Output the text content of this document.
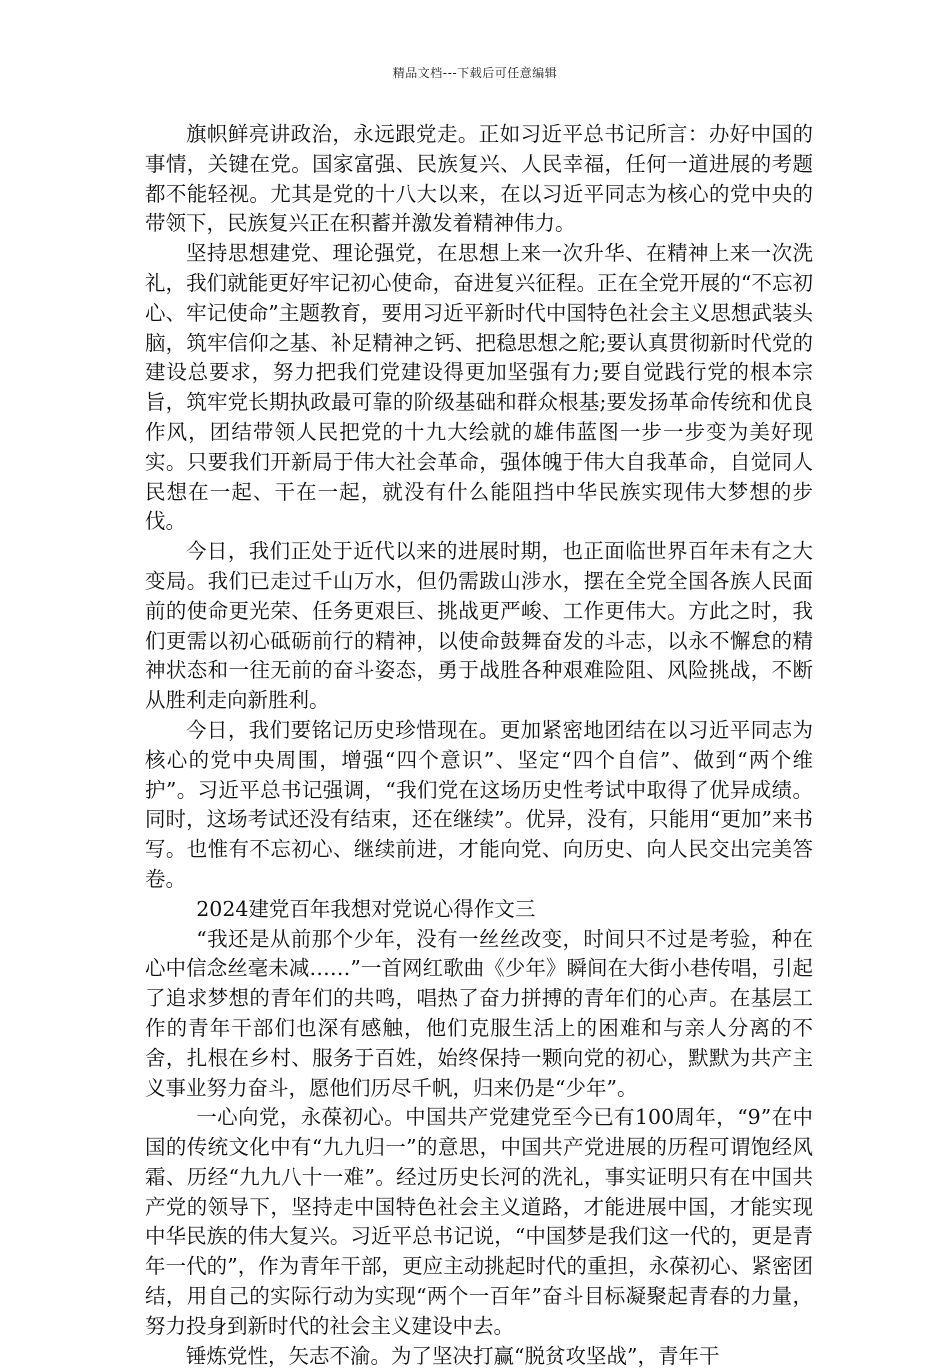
精品文档---下载后可任意编辑

旗帜鲜亮讲政治，永远跟党走。正如习近平总书记所言：办好中国的事情，关键在党。国家富强、民族复兴、人民幸福，任何一道进展的考题都不能轻视。尤其是党的十八大以来，在以习近平同志为核心的党中央的带领下，民族复兴正在积蓄并激发着精神伟力。

坚持思想建党、理论强党，在思想上来一次升华、在精神上来一次洗礼，我们就能更好牢记初心使命，奋进复兴征程。正在全党开展的“不忘初心、牢记使命”主题教育，要用习近平新时代中国特色社会主义思想武装头脑，筑牢信仰之基、补足精神之钙、把稳思想之舵;要认真贯彻新时代党的建设总要求，努力把我们党建设得更加坚强有力;要自觉践行党的根本宗旨，筑牢党长期执政最可靠的阶级基础和群众根基;要发扬革命传统和优良作风，团结带领人民把党的十九大绘就的雄伟蓝图一步一步变为美好现实。只要我们开新局于伟大社会革命，强体魄于伟大自我革命，自觉同人民想在一起、干在一起，就没有什么能阻挡中华民族实现伟大梦想的步伐。

今日，我们正处于近代以来的进展时期，也正面临世界百年未有之大变局。我们已走过千山万水，但仍需跋山涉水，摆在全党全国各族人民面前的使命更光荣、任务更艰巨、挑战更严峻、工作更伟大。方此之时，我们更需以初心砥砺前行的精神，以使命鼓舞奋发的斗志，以永不懈怠的精神状态和一往无前的奋斗姿态，勇于战胜各种艰难险阻、风险挑战，不断从胜利走向新胜利。

今日，我们要铭记历史珍惜现在。更加紧密地团结在以习近平同志为核心的党中央周围，增强“四个意识”、坚定“四个自信”、做到“两个维护”。习近平总书记强调，“我们党在这场历史性考试中取得了优异成绩。同时，这场考试还没有结束，还在继续”。优异，没有，只能用“更加”来书写。也惟有不忘初心、继续前进，才能向党、向历史、向人民交出完美答卷。

2024建党百年我想对党说心得作文三

“我还是从前那个少年，没有一丝丝改变，时间只不过是考验，种在心中信念丝毫未减……”一首网红歌曲《少年》瞬间在大街小巷传唱，引起了追求梦想的青年们的共鸣，唱热了奋力拼搏的青年们的心声。在基层工作的青年干部们也深有感触，他们克服生活上的困难和与亲人分离的不舍，扎根在乡村、服务于百姓，始终保持一颗向党的初心，默默为共产主义事业努力奋斗，愿他们历尽千帆，归来仍是“少年”。

一心向党，永葆初心。中国共产党建党至今已有100周年，“9”在中国的传统文化中有“九九归一”的意思，中国共产党进展的历程可谓饱经风霜、历经“九九八十一难”。经过历史长河的洗礼，事实证明只有在中国共产党的领导下，坚持走中国特色社会主义道路，才能进展中国，才能实现中华民族的伟大复兴。习近平总书记说，“中国梦是我们这一代的，更是青年一代的”，作为青年干部，更应主动挑起时代的重担，永葆初心、紧密团结，用自己的实际行动为实现“两个一百年”奋斗目标凝聚起青春的力量，努力投身到新时代的社会主义建设中去。

锤炼党性，矢志不渝。为了坚决打赢“脱贫攻坚战”，青年干
